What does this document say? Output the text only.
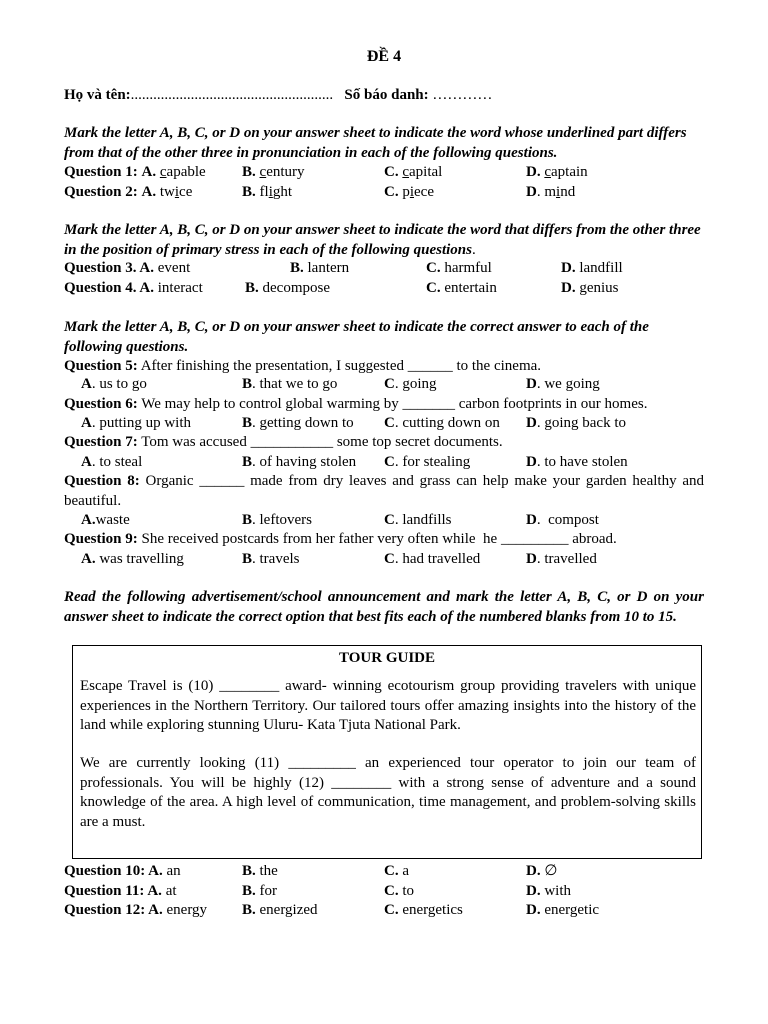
ĐỀ 4
Họ và tên:...................................................... Số báo danh: …………
Mark the letter A, B, C, or D on your answer sheet to indicate the word whose underlined part differs from that of the other three in pronunciation in each of the following questions.
Question 1: A. capable B. century	C. capital	D. captain
Question 2: A. twice	B. flight	C. piece	D. mind
Mark the letter A, B, C, or D on your answer sheet to indicate the word that differs from the other three in the position of primary stress in each of the following questions.
Question 3. A. event	B. lantern	C. harmful	D. landfill
Question 4. A. interact	B. decompose	C. entertain	D. genius
Mark the letter A, B, C, or D on your answer sheet to indicate the correct answer to each of the following questions.
Question 5: After finishing the presentation, I suggested ______ to the cinema.
A. us to go	B. that we to go	C. going	D. we going
Question 6: We may help to control global warming by _______ carbon footprints in our homes.
A. putting up with	B. getting down to C. cutting down on D. going back to
Question 7: Tom was accused ___________ some top secret documents.
A. to steal	B. of having stolen C. for stealing	D. to have stolen
Question 8: Organic ______ made from dry leaves and grass can help make your garden healthy and beautiful.
A.waste	B. leftovers	C. landfills	D.  compost
Question 9: She received postcards from her father very often while  he _________ abroad.
A. was travelling	B. travels	C. had travelled	D. travelled
Read the following advertisement/school announcement and mark the letter A, B, C, or D on your answer sheet to indicate the correct option that best fits each of the numbered blanks from 10 to 15.
TOUR GUIDE
Escape Travel is (10) ________ award- winning ecotourism group providing travelers with unique experiences in the Northern Territory. Our tailored tours offer amazing insights into the history of the land while exploring stunning Uluru- Kata Tjuta National Park.
We are currently looking (11) _________ an experienced tour operator to join our team of professionals. You will be highly (12) ________ with a strong sense of adventure and a sound knowledge of the area. A high level of communication, time management, and problem-solving skills are a must.
Question 10: A. an	B. the	C. a	D. ∅
Question 11: A. at	B. for	C. to	D. with
Question 12: A. energy B. energized	C. energetics	D. energetic
